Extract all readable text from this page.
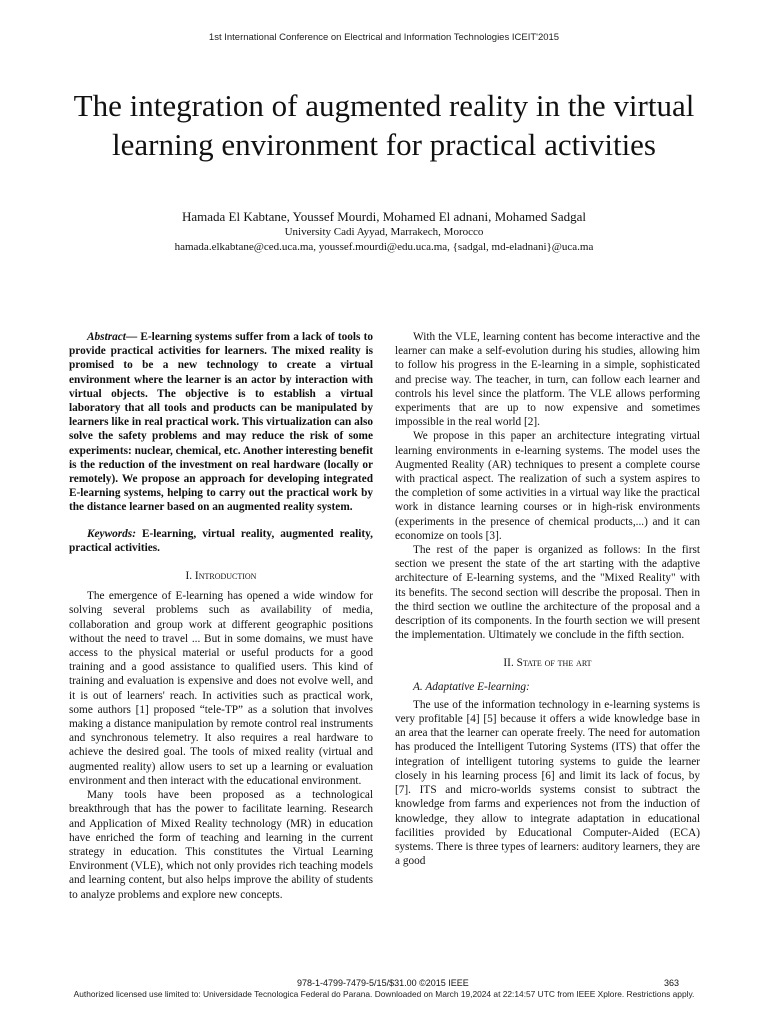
1st International Conference on Electrical and Information Technologies ICEIT'2015
The integration of augmented reality in the virtual learning environment for practical activities
Hamada El Kabtane, Youssef Mourdi, Mohamed El adnani, Mohamed Sadgal
University Cadi Ayyad, Marrakech, Morocco
hamada.elkabtane@ced.uca.ma, youssef.mourdi@edu.uca.ma, {sadgal, md-eladnani}@uca.ma

Abstract— E-learning systems suffer from a lack of tools to provide practical activities for learners. The mixed reality is promised to be a new technology to create a virtual environment where the learner is an actor by interaction with virtual objects. The objective is to establish a virtual laboratory that all tools and products can be manipulated by learners like in real practical work. This virtualization can also solve the safety problems and may reduce the risk of some experiments: nuclear, chemical, etc. Another interesting benefit is the reduction of the investment on real hardware (locally or remotely). We propose an approach for developing integrated E-learning systems, helping to carry out the practical work by the distance learner based on an augmented reality system.

Keywords: E-learning, virtual reality, augmented reality, practical activities.

I. Introduction

The emergence of E-learning has opened a wide window for solving several problems such as availability of media, collaboration and group work at different geographic positions without the need to travel ... But in some domains, we must have access to the physical material or useful products for a good training and a good assistance to qualified users. This kind of training and evaluation is expensive and does not evolve well, and it is out of learners' reach. In activities such as practical work, some authors [1] proposed “tele-TP” as a solution that involves making a distance manipulation by remote control real instruments and synchronous telemetry. It also requires a real hardware to achieve the desired goal. The tools of mixed reality (virtual and augmented reality) allow users to set up a learning or evaluation environment and then interact with the educational environment.

Many tools have been proposed as a technological breakthrough that has the power to facilitate learning. Research and Application of Mixed Reality technology (MR) in education have enriched the form of teaching and learning in the current strategy in education. This constitutes the Virtual Learning Environment (VLE), which not only provides rich teaching models and learning content, but also helps improve the ability of students to analyze problems and explore new concepts.

With the VLE, learning content has become interactive and the learner can make a self-evolution during his studies, allowing him to follow his progress in the E-learning in a simple, sophisticated and precise way. The teacher, in turn, can follow each learner and controls his level since the platform. The VLE allows performing experiments that are up to now expensive and sometimes impossible in the real world [2].

We propose in this paper an architecture integrating virtual learning environments in e-learning systems. The model uses the Augmented Reality (AR) techniques to present a complete course with practical aspect. The realization of such a system aspires to the completion of some activities in a virtual way like the practical work in distance learning courses or in high-risk environments (experiments in the presence of chemical products,...) and it can economize on tools [3].

The rest of the paper is organized as follows: In the first section we present the state of the art starting with the adaptive architecture of E-learning systems, and the "Mixed Reality" with its benefits. The second section will describe the proposal. Then in the third section we outline the architecture of the proposal and a description of its components. In the fourth section we will present the implementation. Ultimately we conclude in the fifth section.

II. State of the art

A. Adaptative E-learning:

The use of the information technology in e-learning systems is very profitable [4] [5] because it offers a wide knowledge base in an area that the learner can operate freely. The need for automation has produced the Intelligent Tutoring Systems (ITS) that offer the integration of intelligent tutoring systems to guide the learner closely in his learning process [6] and limit its lack of focus, by [7]. ITS and micro-worlds systems consist to subtract the knowledge from farms and experiences not from the induction of knowledge, they allow to integrate adaptation in educational facilities provided by Educational Computer-Aided (ECA) systems. There is three types of learners: auditory learners, they are a good

978-1-4799-7479-5/15/$31.00 ©2015 IEEE	363
Authorized licensed use limited to: Universidade Tecnologica Federal do Parana. Downloaded on March 19,2024 at 22:14:57 UTC from IEEE Xplore. Restrictions apply.
